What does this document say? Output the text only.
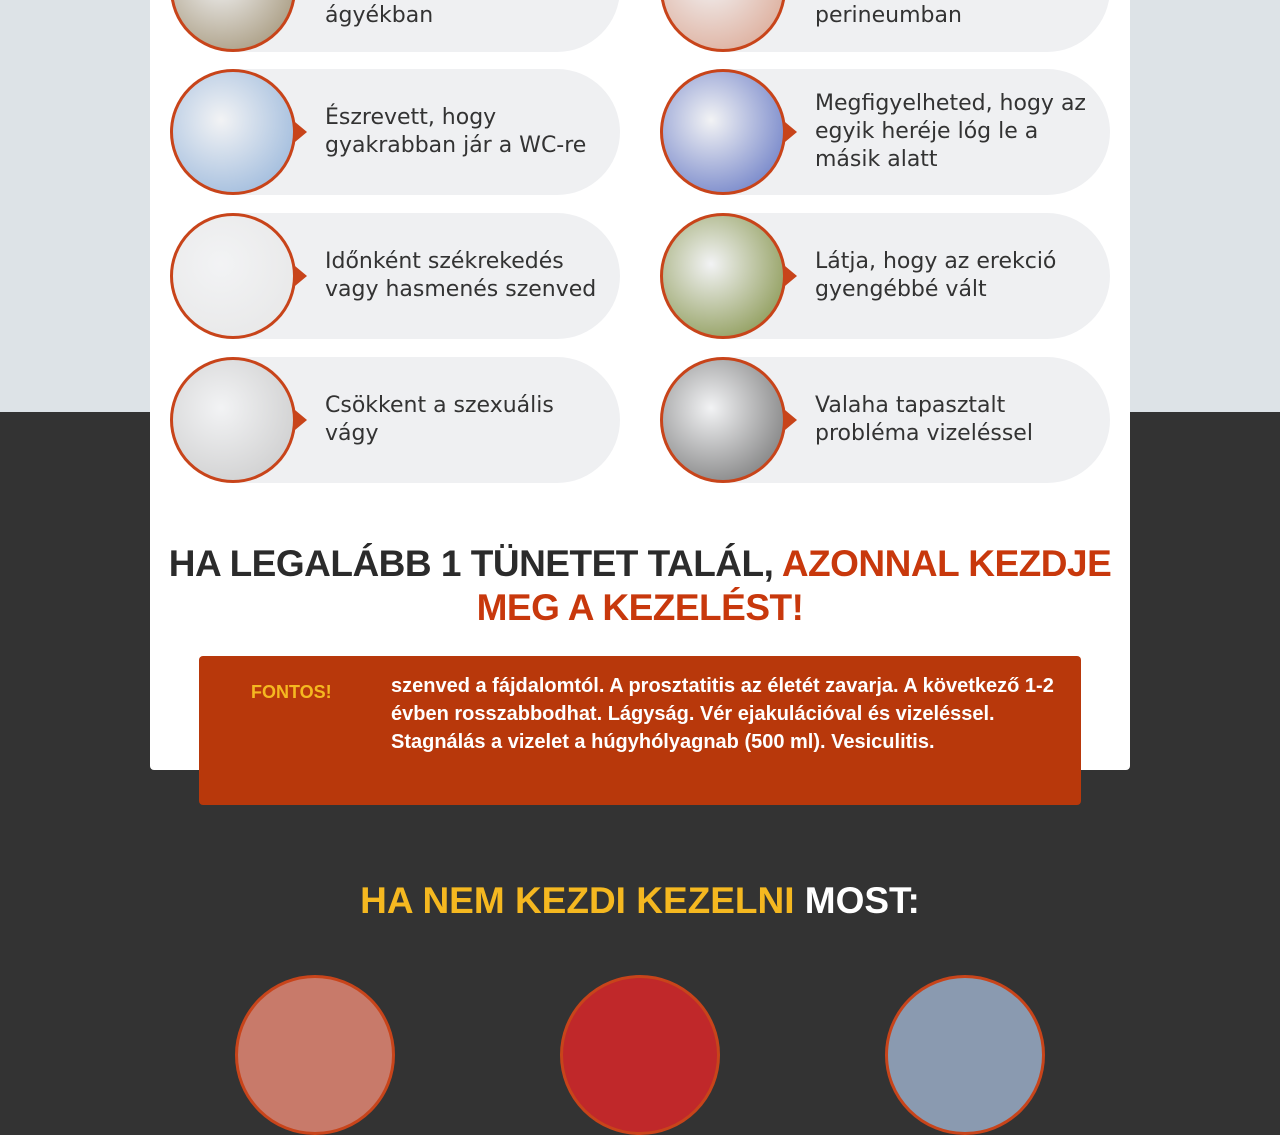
ágyékban	perineumban
Észrevett, hogy gyakrabban jár a WC-re
Megfigyelheted, hogy az egyik heréje lóg le a másik alatt
Időnként székrekedés vagy hasmenés szenved
Látja, hogy az erekció gyengébbé vált
Csökkent a szexuális vágy
Valaha tapasztalt probléma vizeléssel
HA LEGALÁBB 1 TÜNETET TALÁL, AZONNAL KEZDJE MEG A KEZELÉST!
FONTOS!	szenved a fájdalomtól. A prosztatitis az életét zavarja. A következő 1-2 évben rosszabbodhat. Lágyság. Vér ejakulációval és vizeléssel. Stagnálás a vizelet a húgyhólyagnab (500 ml). Vesiculitis.
HA NEM KEZDI KEZELNI MOST:
